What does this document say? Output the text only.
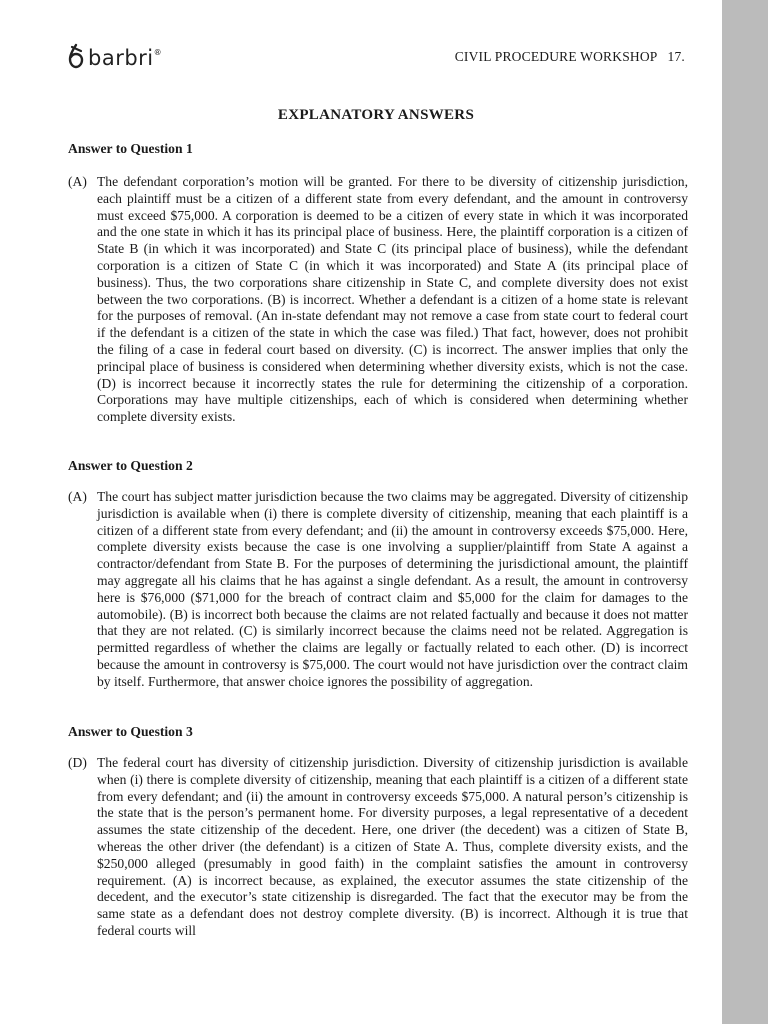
barbri®	CIVIL PROCEDURE WORKSHOP 17.
EXPLANATORY ANSWERS
Answer to Question 1
(A) The defendant corporation’s motion will be granted. For there to be diversity of citizenship jurisdiction, each plaintiff must be a citizen of a different state from every defendant, and the amount in controversy must exceed $75,000. A corporation is deemed to be a citizen of every state in which it was incorporated and the one state in which it has its principal place of business. Here, the plaintiff corporation is a citizen of State B (in which it was incorporated) and State C (its principal place of business), while the defendant corporation is a citizen of State C (in which it was incorporated) and State A (its principal place of business). Thus, the two corporations share citizenship in State C, and complete diversity does not exist between the two corporations. (B) is incorrect. Whether a defendant is a citizen of a home state is relevant for the purposes of removal. (An in-state defendant may not remove a case from state court to federal court if the defendant is a citizen of the state in which the case was filed.) That fact, however, does not prohibit the filing of a case in federal court based on diversity. (C) is incorrect. The answer implies that only the principal place of business is considered when determining whether diversity exists, which is not the case. (D) is incorrect because it incorrectly states the rule for determining the citizenship of a corporation. Corporations may have multiple citizenships, each of which is considered when determining whether complete diversity exists.
Answer to Question 2
(A) The court has subject matter jurisdiction because the two claims may be aggregated. Diversity of citizenship jurisdiction is available when (i) there is complete diversity of citizenship, meaning that each plaintiff is a citizen of a different state from every defendant; and (ii) the amount in controversy exceeds $75,000. Here, complete diversity exists because the case is one involving a supplier/plaintiff from State A against a contractor/defendant from State B. For the purposes of determining the jurisdictional amount, the plaintiff may aggregate all his claims that he has against a single defendant. As a result, the amount in controversy here is $76,000 ($71,000 for the breach of contract claim and $5,000 for the claim for damages to the automobile). (B) is incorrect both because the claims are not related factually and because it does not matter that they are not related. (C) is similarly incorrect because the claims need not be related. Aggregation is permitted regardless of whether the claims are legally or factually related to each other. (D) is incorrect because the amount in controversy is $75,000. The court would not have jurisdiction over the contract claim by itself. Furthermore, that answer choice ignores the possibility of aggregation.
Answer to Question 3
(D) The federal court has diversity of citizenship jurisdiction. Diversity of citizenship jurisdiction is available when (i) there is complete diversity of citizenship, meaning that each plaintiff is a citizen of a different state from every defendant; and (ii) the amount in controversy exceeds $75,000. A natural person’s citizenship is the state that is the person’s permanent home. For diversity purposes, a legal representative of a decedent assumes the state citizenship of the decedent. Here, one driver (the decedent) was a citizen of State B, whereas the other driver (the defendant) is a citizen of State A. Thus, complete diversity exists, and the $250,000 alleged (presumably in good faith) in the complaint satisfies the amount in controversy requirement. (A) is incorrect because, as explained, the executor assumes the state citizenship of the decedent, and the executor’s state citizenship is disregarded. The fact that the executor may be from the same state as a defendant does not destroy complete diversity. (B) is incorrect. Although it is true that federal courts will
